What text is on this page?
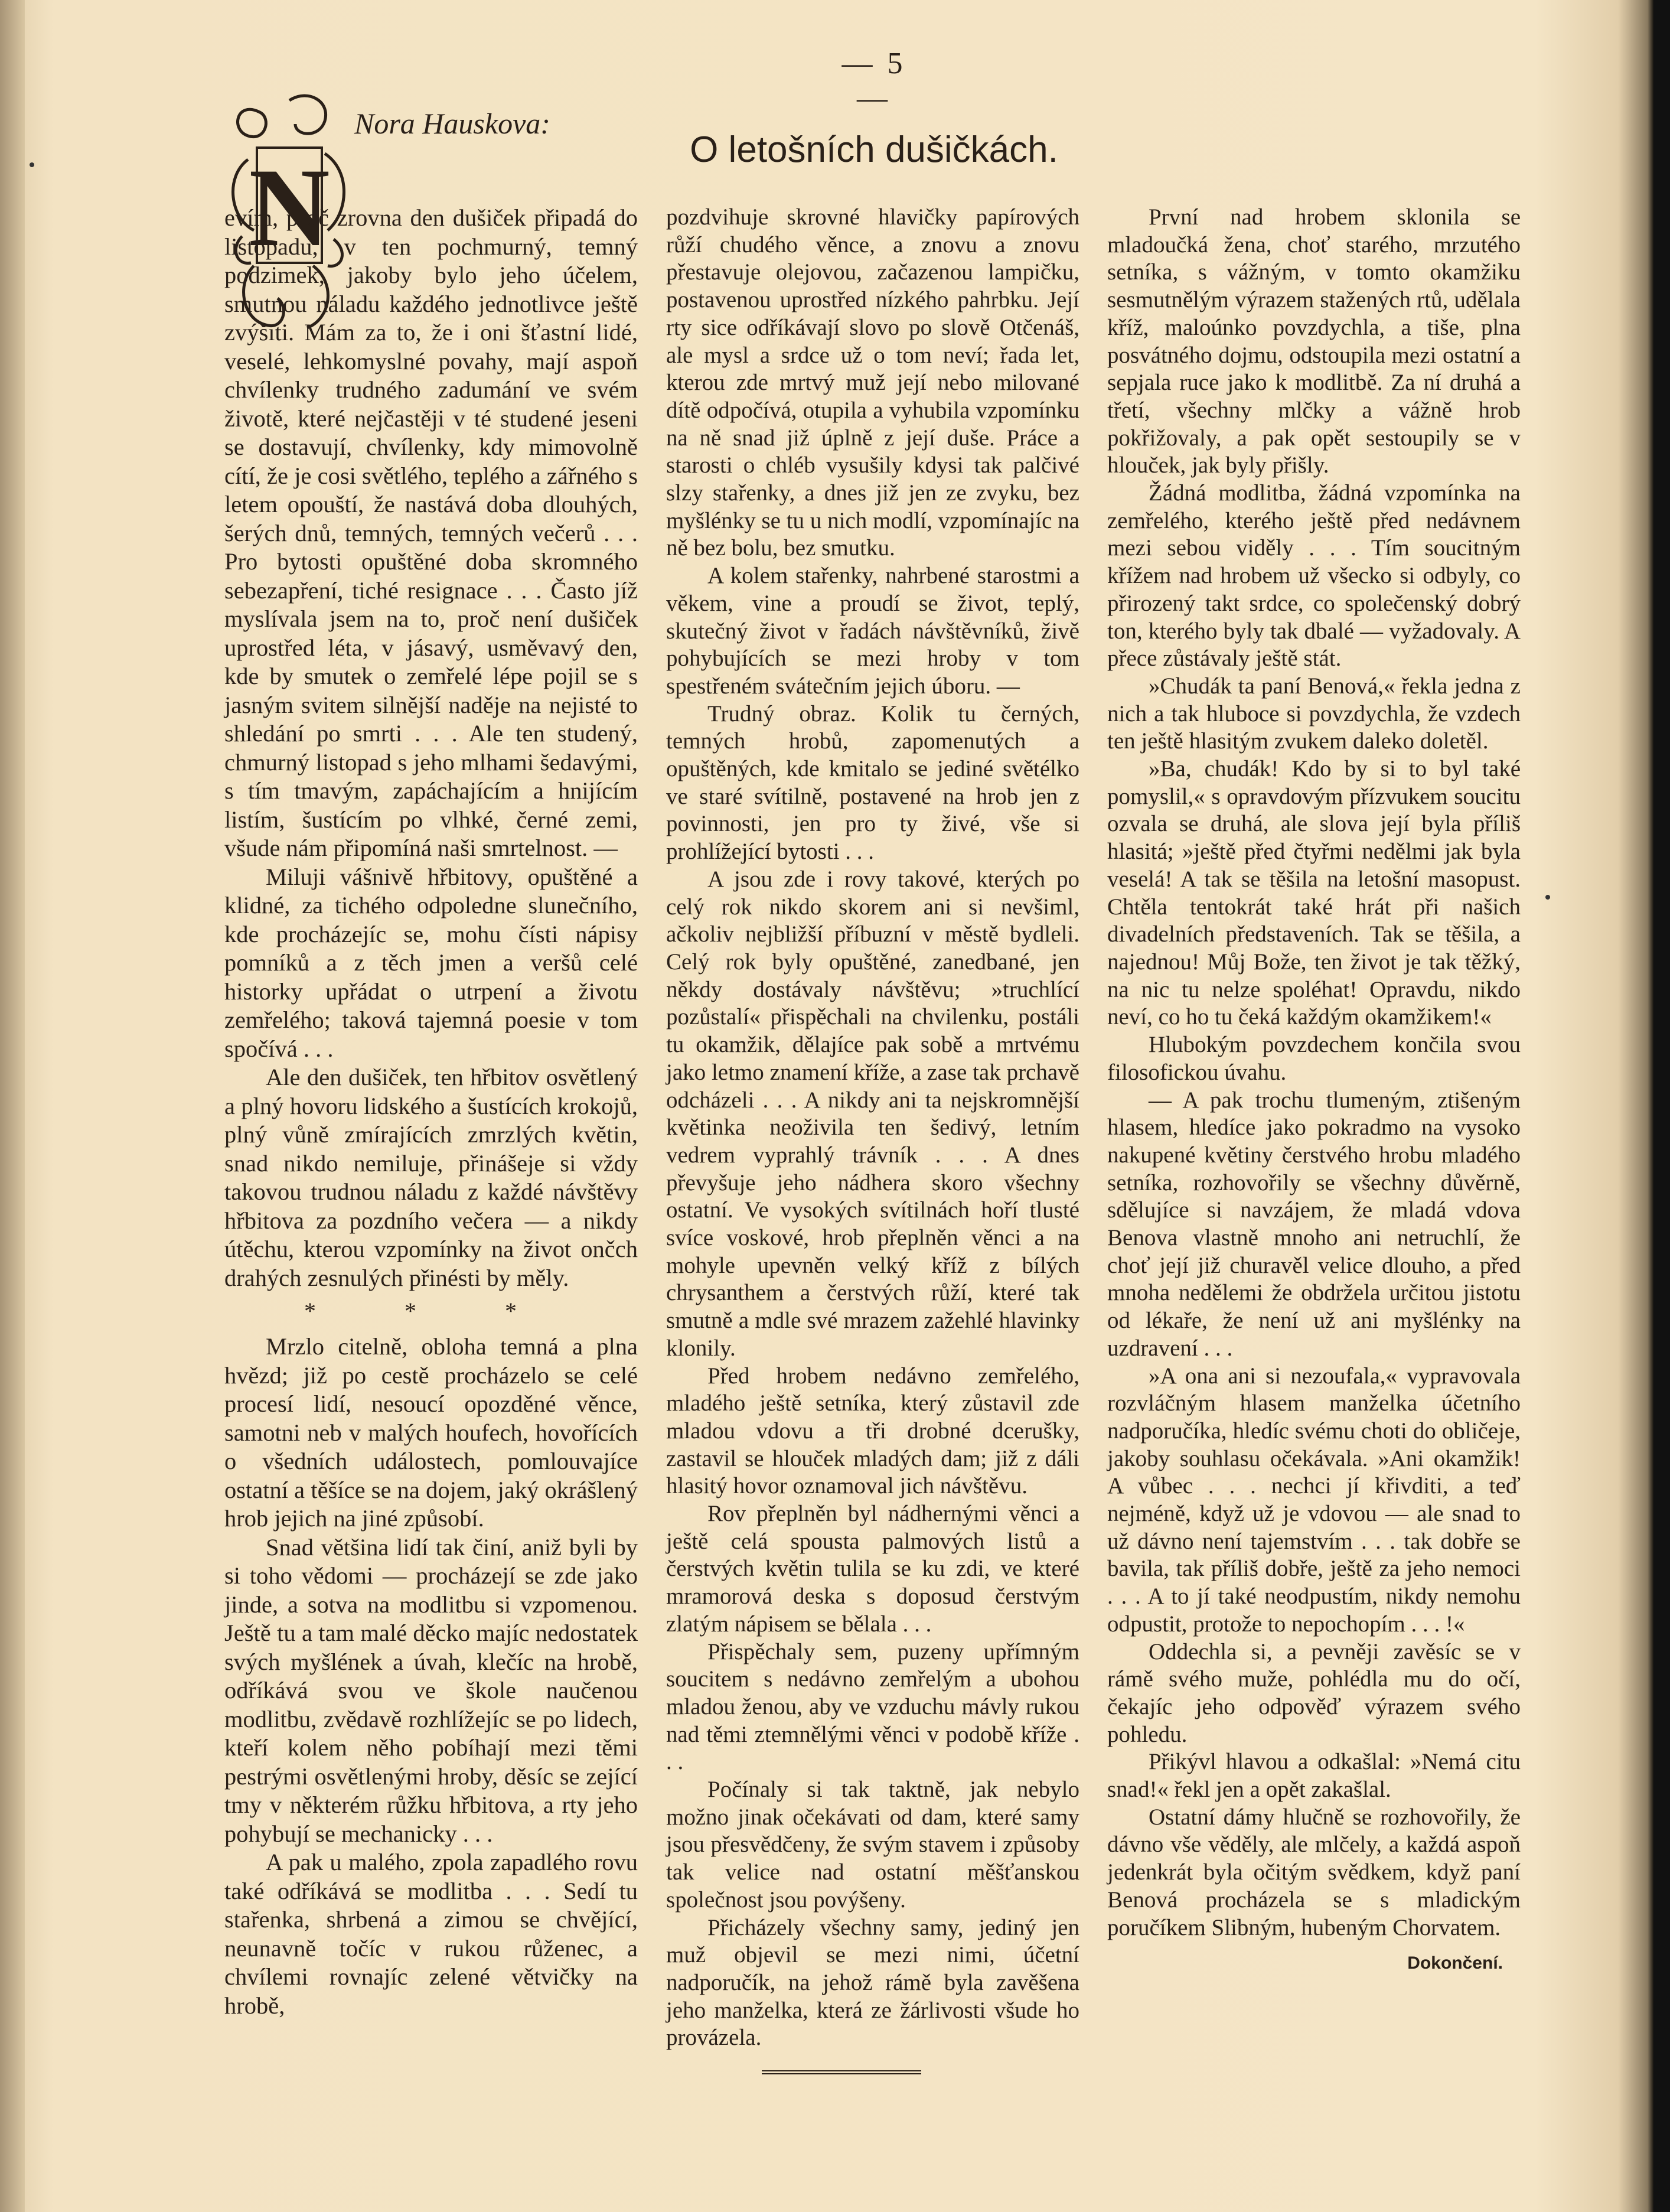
— 5 —
Nora Hauskova:
O letošních dušičkách.
N

evím, proč zrovna den dušiček připadá do listopadu, v ten pochmurný, temný podzimek, jakoby bylo jeho účelem, smutnou náladu každého jednotlivce ještě zvýšiti. Mám za to, že i oni šťastní lidé, veselé, lehkomyslné povahy, mají aspoň chvílenky trudného zadumání ve svém životě, které nejčastěji v té studené jeseni se dostavují, chvílenky, kdy mimovolně cítí, že je cosi světlého, teplého a zářného s letem opouští, že nastává doba dlouhých, šerých dnů, temných, temných večerů . . . Pro bytosti opuštěné doba skromného sebezapření, tiché resignace . . . Často jíž myslívala jsem na to, proč není dušiček uprostřed léta, v jásavý, usměvavý den, kde by smutek o zemřelé lépe pojil se s jasným svitem silnější naděje na nejisté to shledání po smrti . . . Ale ten studený, chmurný listopad s jeho mlhami šedavými, s tím tmavým, zapáchajícím a hnijícím listím, šustícím po vlhké, černé zemi, všude nám připomíná naši smrtelnost. —

Miluji vášnivě hřbitovy, opuštěné a klidné, za tichého odpoledne slunečního, kde procházejíc se, mohu čísti nápisy pomníků a z těch jmen a veršů celé historky upřádat o utrpení a životu zemřelého; taková tajemná poesie v tom spočívá . . .

Ale den dušiček, ten hřbitov osvětlený a plný hovoru lidského a šustících krokojů, plný vůně zmírajících zmrzlých květin, snad nikdo nemiluje, přinášeje si vždy takovou trudnou náladu z každé návštěvy hřbitova za pozdního večera — a nikdy útěchu, kterou vzpomínky na život ončch drahých zesnulých přinésti by měly.

* * *

Mrzlo citelně, obloha temná a plna hvězd; již po cestě procházelo se celé procesí lidí, nesoucí opozděné věnce, samotni neb v malých houfech, hovořících o všedních událostech, pomlouvajíce ostatní a těšíce se na dojem, jaký okrášlený hrob jejich na jiné způsobí.

Snad většina lidí tak činí, aniž byli by si toho vědomi — procházejí se zde jako jinde, a sotva na modlitbu si vzpomenou. Ještě tu a tam malé děcko majíc nedostatek svých myšlének a úvah, klečíc na hrobě, odříkává svou ve škole naučenou modlitbu, zvědavě rozhlížejíc se po lidech, kteří kolem něho pobíhají mezi těmi pestrými osvětlenými hroby, děsíc se zející tmy v některém růžku hřbitova, a rty jeho pohybují se mechanicky . . .

A pak u malého, zpola zapadlého rovu také odříkává se modlitba . . . Sedí tu stařenka, shrbená a zimou se chvějící, neunavně točíc v rukou růženec, a chvílemi rovnajíc zelené větvičky na hrobě,

pozdvihuje skrovné hlavičky papírových růží chudého věnce, a znovu a znovu přestavuje olejovou, začazenou lampičku, postavenou uprostřed nízkého pahrbku. Její rty sice odříkávají slovo po slově Otčenáš, ale mysl a srdce už o tom neví; řada let, kterou zde mrtvý muž její nebo milované dítě odpočívá, otupila a vyhubila vzpomínku na ně snad již úplně z její duše. Práce a starosti o chléb vysušily kdysi tak palčivé slzy stařenky, a dnes již jen ze zvyku, bez myšlénky se tu u nich modlí, vzpomínajíc na ně bez bolu, bez smutku.

A kolem stařenky, nahrbené starostmi a věkem, vine a proudí se život, teplý, skutečný život v řadách návštěvníků, živě pohybujících se mezi hroby v tom spestřeném svátečním jejich úboru. —

Trudný obraz. Kolik tu černých, temných hrobů, zapomenutých a opuštěných, kde kmitalo se jediné světélko ve staré svítilně, postavené na hrob jen z povinnosti, jen pro ty živé, vše si prohlížející bytosti . . .

A jsou zde i rovy takové, kterých po celý rok nikdo skorem ani si nevšiml, ačkoliv nejbližší příbuzní v městě bydleli. Celý rok byly opuštěné, zanedbané, jen někdy dostávaly návštěvu; »truchlící pozůstalí« přispěchali na chvilenku, postáli tu okamžik, dělajíce pak sobě a mrtvému jako letmo znamení kříže, a zase tak prchavě odcházeli . . . A nikdy ani ta nejskromnější květinka neoživila ten šedivý, letním vedrem vyprahlý trávník . . . A dnes převyšuje jeho nádhera skoro všechny ostatní. Ve vysokých svítilnách hoří tlusté svíce voskové, hrob přeplněn věnci a na mohyle upevněn velký kříž z bílých chrysanthem a čerstvých růží, které tak smutně a mdle své mrazem zažehlé hlavinky klonily.

Před hrobem nedávno zemřelého, mladého ještě setníka, který zůstavil zde mladou vdovu a tři drobné dcerušky, zastavil se hlouček mladých dam; již z dáli hlasitý hovor oznamoval jich návštěvu.

Rov přeplněn byl nádhernými věnci a ještě celá spousta palmových listů a čerstvých květin tulila se ku zdi, ve které mramorová deska s doposud čerstvým zlatým nápisem se bělala . . .

Přispěchaly sem, puzeny upřímným soucitem s nedávno zemřelým a ubohou mladou ženou, aby ve vzduchu mávly rukou nad těmi ztemnělými věnci v podobě kříže . . .

Počínaly si tak taktně, jak nebylo možno jinak očekávati od dam, které samy jsou přesvědčeny, že svým stavem i způsoby tak velice nad ostatní měšťanskou společnost jsou povýšeny.

Přicházely všechny samy, jediný jen muž objevil se mezi nimi, účetní nadporučík, na jehož rámě byla zavěšena jeho manželka, která ze žárlivosti všude ho provázela.

První nad hrobem sklonila se mladoučká žena, choť starého, mrzutého setníka, s vážným, v tomto okamžiku sesmutnělým výrazem stažených rtů, udělala kříž, maloúnko povzdychla, a tiše, plna posvátného dojmu, odstoupila mezi ostatní a sepjala ruce jako k modlitbě. Za ní druhá a třetí, všechny mlčky a vážně hrob pokřižovaly, a pak opět sestoupily se v hlouček, jak byly přišly.

Žádná modlitba, žádná vzpomínka na zemřelého, kterého ještě před nedávnem mezi sebou viděly . . . Tím soucitným křížem nad hrobem už všecko si odbyly, co přirozený takt srdce, co společenský dobrý ton, kterého byly tak dbalé — vyžadovaly. A přece zůstávaly ještě stát.

»Chudák ta paní Benová,« řekla jedna z nich a tak hluboce si povzdychla, že vzdech ten ještě hlasitým zvukem daleko doletěl.

»Ba, chudák! Kdo by si to byl také pomyslil,« s opravdovým přízvukem soucitu ozvala se druhá, ale slova její byla příliš hlasitá; »ještě před čtyřmi nedělmi jak byla veselá! A tak se těšila na letošní masopust. Chtěla tentokrát také hrát při našich divadelních představeních. Tak se těšila, a najednou! Můj Bože, ten život je tak těžký, na nic tu nelze spoléhat! Opravdu, nikdo neví, co ho tu čeká každým okamžikem!«

Hlubokým povzdechem končila svou filosofickou úvahu.

— A pak trochu tlumeným, ztišeným hlasem, hledíce jako pokradmo na vysoko nakupené květiny čerstvého hrobu mladého setníka, rozhovořily se všechny důvěrně, sdělujíce si navzájem, že mladá vdova Benova vlastně mnoho ani netruchlí, že choť její již churavěl velice dlouho, a před mnoha nedělemi že obdržela určitou jistotu od lékaře, že není už ani myšlénky na uzdravení . . .

»A ona ani si nezoufala,« vypravovala rozvláčným hlasem manželka účetního nadporučíka, hledíc svému choti do obličeje, jakoby souhlasu očekávala. »Ani okamžik! A vůbec . . . nechci jí křivditi, a teď nejméně, když už je vdovou — ale snad to už dávno není tajemstvím . . . tak dobře se bavila, tak příliš dobře, ještě za jeho nemoci . . . A to jí také neodpustím, nikdy nemohu odpustit, protože to nepochopím . . . !«

Oddechla si, a pevněji zavěsíc se v rámě svého muže, pohlédla mu do očí, čekajíc jeho odpověď výrazem svého pohledu.

Přikývl hlavou a odkašlal: »Nemá citu snad!« řekl jen a opět zakašlal.

Ostatní dámy hlučně se rozhovořily, že dávno vše věděly, ale mlčely, a každá aspoň jedenkrát byla očitým svědkem, když paní Benová procházela se s mladickým poručíkem Slibným, hubeným Chorvatem.

Dokončení.
